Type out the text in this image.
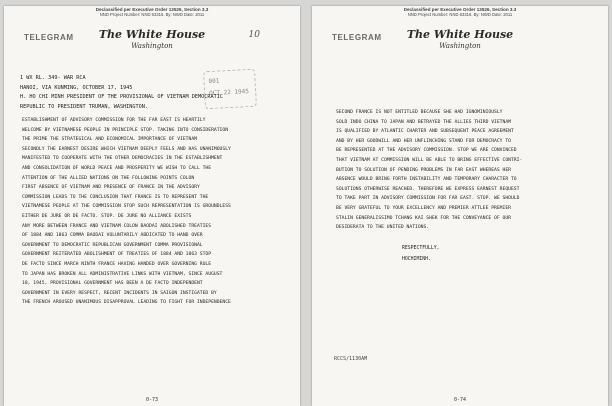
Declassified per Executive Order 13526, Section 3.3
NND Project Number: NND 63316. By: NWD Date: 2011
TELEGRAM	The White House
Washington
10
001
OCT 22 1945
1 WX RL. 349- WAR RCA
HANOI, VIA KUNMING, OCTOBER 17, 1945
H. HO CHI MINH PRESIDENT OF THE PROVISIONAL OF VIETNAM DEMOCRATIC
REPUBLIC TO PRESIDENT TRUMAN, WASHINGTON.
ESTABLISHMENT OF ADVISORY COMMISSION FOR THE FAR EAST IS HEARTILY
WELCOME BY VIETNAMESE PEOPLE IN PRINCIPLE STOP. TAKING INTO CONSIDERATION
THE PRIME THE STRATEGICAL AND ECONOMICAL IMPORTANCE OF VIETNAM
SECONDLY THE EARNEST DESIRE WHICH VIETNAM DEEPLY FEELS AND HAS UNANIMOUSLY
MANIFESTED TO COOPERATE WITH THE OTHER DEMOCRACIES IN THE ESTABLISHMENT
AND CONSOLIDATION OF WORLD PEACE AND PROSPERITY WE WISH TO CALL THE
ATTENTION OF THE ALLIED NATIONS ON THE FOLLOWING POINTS COLON
FIRST ABSENCE OF VIETNAM AND PRESENCE OF FRANCE IN THE ADVISORY
COMMISSION LEADS TO THE CONCLUSION THAT FRANCE IS TO REPRESENT THE
VIETNAMESE PEOPLE AT THE COMMISSION STOP SUCH REPRESENTATION IS GROUNDLESS
EITHER DE JURE OR DE FACTO. STOP. DE JURE NO ALLIANCE EXISTS
ANY MORE BETWEEN FRANCE AND VIETNAM COLON BAODAI ABOLISHED TREATIES
OF 1884 AND 1863 COMMA BAODAI VOLUNTARILY ABDICATED TO HAND OVER
GOVERNMENT TO DEMOCRATIC REPUBLICAN GOVERNMENT COMMA PROVISIONAL
GOVERNMENT REITERATED ABOLISHMENT OF TREATIES OF 1884 AND 1863 STOP
DE FACTO SINCE MARCH NINTH FRANCE HAVING HANDED OVER GOVERNING RULE
TO JAPAN HAS BROKEN ALL ADMINISTRATIVE LINKS WITH VIETNAM, SINCE AUGUST
18, 1945, PROVISIONAL GOVERNMENT HAS BEEN A DE FACTO INDEPENDENT
GOVERNMENT IN EVERY RESPECT, RECENT INCIDENTS IN SAIGON INSTIGATED BY
THE FRENCH AROUSED UNANIMOUS DISAPPROVAL LEADING TO FIGHT FOR INDEPENDENCE
0-73
Declassified per Executive Order 13526, Section 3.3
NND Project Number: NND 63316. By: NWD Date: 2011
TELEGRAM	The White House
Washington
SECOND FRANCE IS NOT ENTITLED BECAUSE SHE HAD IGNOMINIOUSLY
SOLD INDO CHINA TO JAPAN AND BETRAYED THE ALLIES THIRD VIETNAM
IS QUALIFIED BY ATLANTIC CHARTER AND SUBSEQUENT PEACE AGREEMENT
AND BY HER GOODWILL AND HER UNFLINCHING STAND FOR DEMOCRACY TO
BE REPRESENTED AT THE ADVISORY COMMISSION. STOP WE ARE CONVINCED
THAT VIETNAM AT COMMISSION WILL BE ABLE TO BRING EFFECTIVE CONTRI-
BUTION TO SOLUTION OF PENDING PROBLEMS IN FAR EAST WHEREAS HER
ABSENCE WOULD BRING FORTH INSTABILITY AND TEMPORARY CHARACTER TO
SOLUTIONS OTHERWISE REACHED. THEREFORE WE EXPRESS EARNEST REQUEST
TO TAKE PART IN ADVISORY COMMISSION FOR FAR EAST. STOP. WE SHOULD
BE VERY GRATEFUL TO YOUR EXCELLENCY AND PREMIER ATTLEE PREMIER
STALIN GENERALISSIMO TCHANG KAI SHEK FOR THE CONVEYANCE OF OUR
DESIDERATA TO THE UNITED NATIONS.
RESPECTFULLY,
HOCHIMINH.
RCCS/1130AM
0-74
